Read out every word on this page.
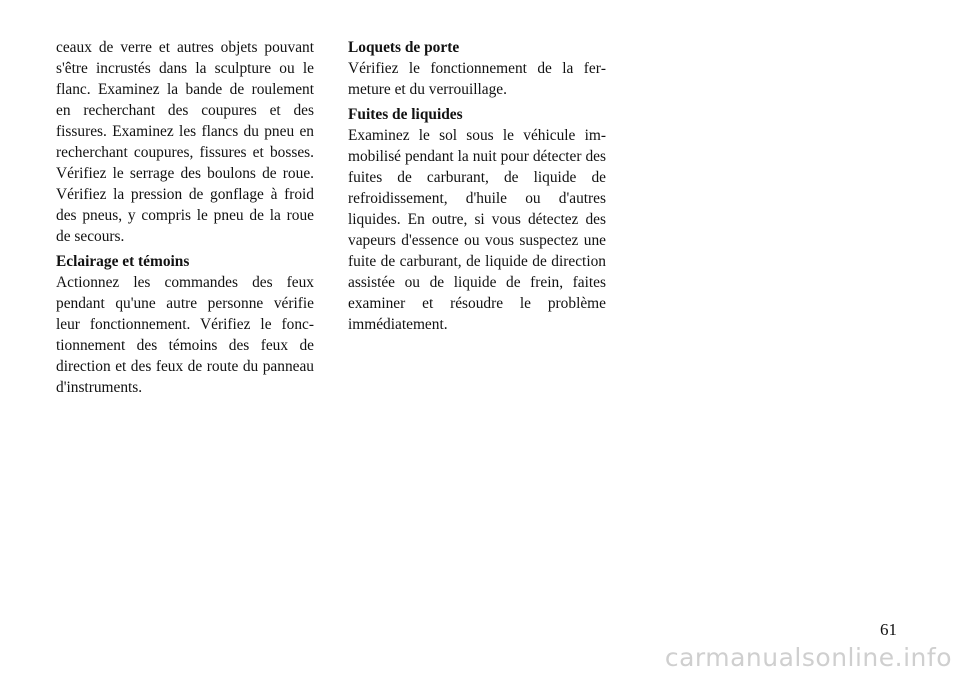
ceaux de verre et autres objets pouvant s'être incrustés dans la sculpture ou le flanc. Examinez la bande de roulement en recherchant des coupures et des fissures. Examinez les flancs du pneu en recherchant coupures, fissures et bosses. Vérifiez le serrage des boulons de roue. Vérifiez la pression de gonflage à froid des pneus, y compris le pneu de la roue de secours.

Eclairage et témoins

Actionnez les commandes des feux pendant qu'une autre personne vérifie leur fonctionnement. Vérifiez le fonctionnement des témoins des feux de direction et des feux de route du panneau d'instruments.

Loquets de porte

Vérifiez le fonctionnement de la fermeture et du verrouillage.

Fuites de liquides

Examinez le sol sous le véhicule immobilisé pendant la nuit pour détecter des fuites de carburant, de liquide de refroidissement, d'huile ou d'autres liquides. En outre, si vous détectez des vapeurs d'essence ou vous suspectez une fuite de carburant, de liquide de direction assistée ou de liquide de frein, faites examiner et résoudre le problème immédiatement.

61
carmanualsonline.info
